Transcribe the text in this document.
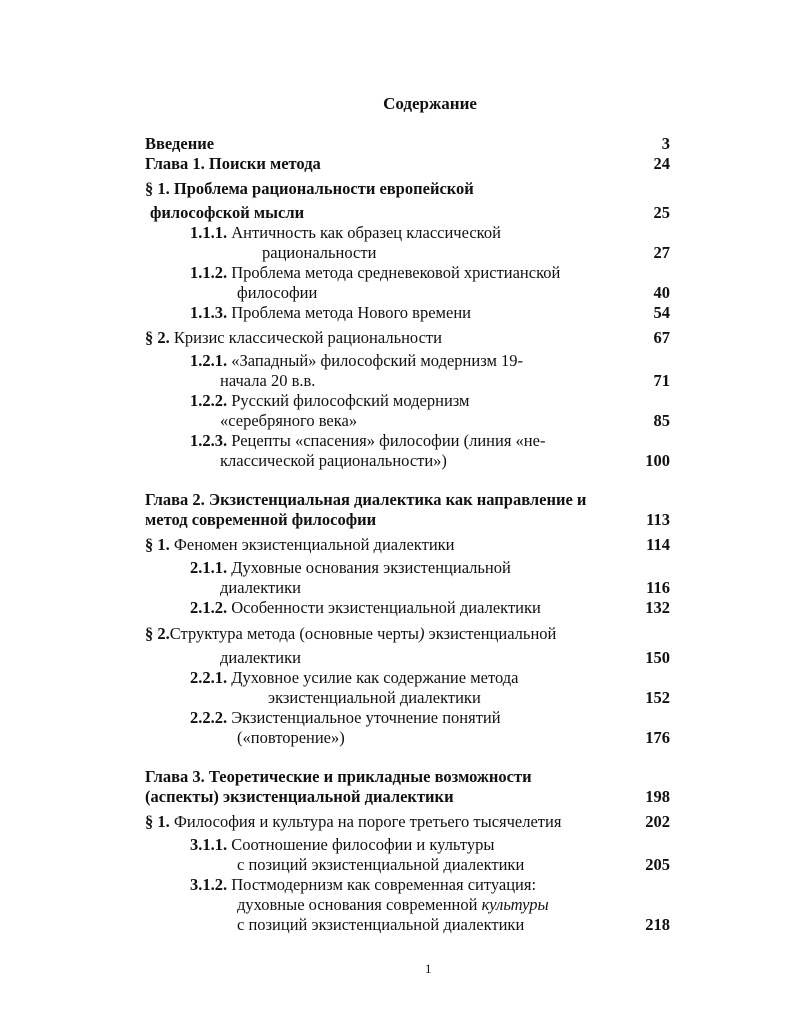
Содержание
Введение	3
Глава 1. Поиски метода	24
§ 1. Проблема рациональности европейской
философской мысли	25
1.1.1. Античность как образец классической
рациональности	27
1.1.2. Проблема метода средневековой христианской
философии	40
1.1.3. Проблема метода Нового времени	54
§ 2. Кризис классической рациональности	67
1.2.1. «Западный» философский модернизм 19-
начала 20 в.в.	71
1.2.2. Русский философский модернизм
«серебряного века»	85
1.2.3. Рецепты «спасения» философии (линия «не-
классической рациональности»)	100
Глава 2. Экзистенциальная диалектика как направление и
метод современной философии	113
§ 1. Феномен экзистенциальной диалектики	114
2.1.1. Духовные основания экзистенциальной
диалектики	116
2.1.2. Особенности экзистенциальной диалектики	132
§ 2.Структура метода (основные черты) экзистенциальной
диалектики	150
2.2.1. Духовное усилие как содержание метода
экзистенциальной диалектики	152
2.2.2. Экзистенциальное уточнение понятий
(«повторение»)	176
Глава 3. Теоретические и прикладные возможности
(аспекты) экзистенциальной диалектики	198
§ 1. Философия и культура на пороге третьего тысячелетия	202
3.1.1. Соотношение философии и культуры
с позиций экзистенциальной диалектики	205
3.1.2. Постмодернизм как современная ситуация:
духовные основания современной культуры
с позиций экзистенциальной диалектики	218
1
